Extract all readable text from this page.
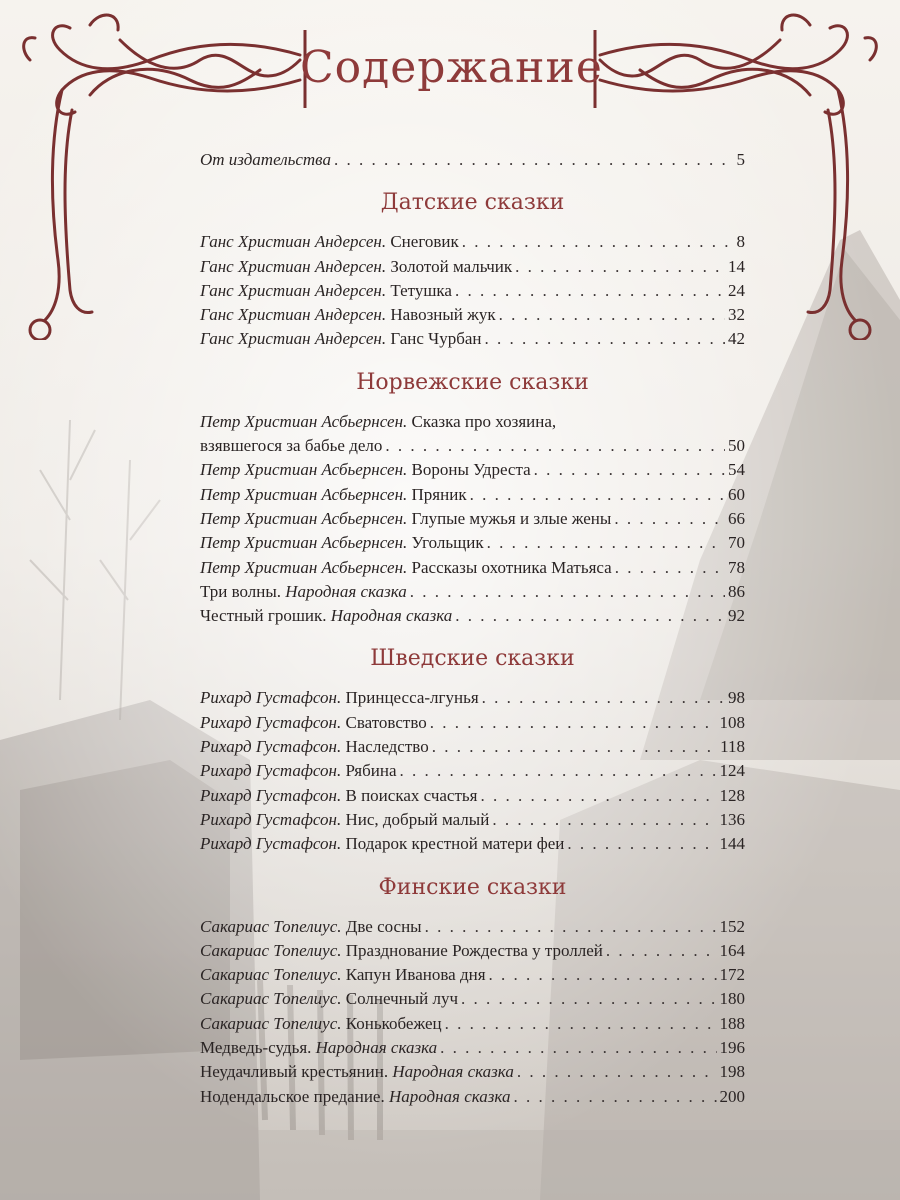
Содержание
От издательства . . .	5
Датские сказки
Ганс Христиан Андерсен. Снеговик . . .	8
Ганс Христиан Андерсен. Золотой мальчик . . .	14
Ганс Христиан Андерсен. Тетушка . . .	24
Ганс Христиан Андерсен. Навозный жук . . .	32
Ганс Христиан Андерсен. Ганс Чурбан . . .	42
Норвежские сказки
Петр Христиан Асбьернсен. Сказка про хозяина,
взявшегося за бабье дело . . .	50
Петр Христиан Асбьернсен. Вороны Удреста . . .	54
Петр Христиан Асбьернсен. Пряник . . .	60
Петр Христиан Асбьернсен. Глупые мужья и злые жены . . .	66
Петр Христиан Асбьернсен. Угольщик . . .	70
Петр Христиан Асбьернсен. Рассказы охотника Матьяса . . .	78
Три волны. Народная сказка . . .	86
Честный грошик. Народная сказка . . .	92
Шведские сказки
Рихард Густафсон. Принцесса-лгунья . . .	98
Рихард Густафсон. Сватовство . . .	108
Рихард Густафсон. Наследство . . .	118
Рихард Густафсон. Рябина . . .	124
Рихард Густафсон. В поисках счастья . . .	128
Рихард Густафсон. Нис, добрый малый . . .	136
Рихард Густафсон. Подарок крестной матери феи . . .	144
Финские сказки
Сакариас Топелиус. Две сосны . . .	152
Сакариас Топелиус. Празднование Рождества у троллей . . .	164
Сакариас Топелиус. Капун Иванова дня . . .	172
Сакариас Топелиус. Солнечный луч . . .	180
Сакариас Топелиус. Конькобежец . . .	188
Медведь-судья. Народная сказка . . .	196
Неудачливый крестьянин. Народная сказка . . .	198
Нодендальское предание. Народная сказка . . .	200
